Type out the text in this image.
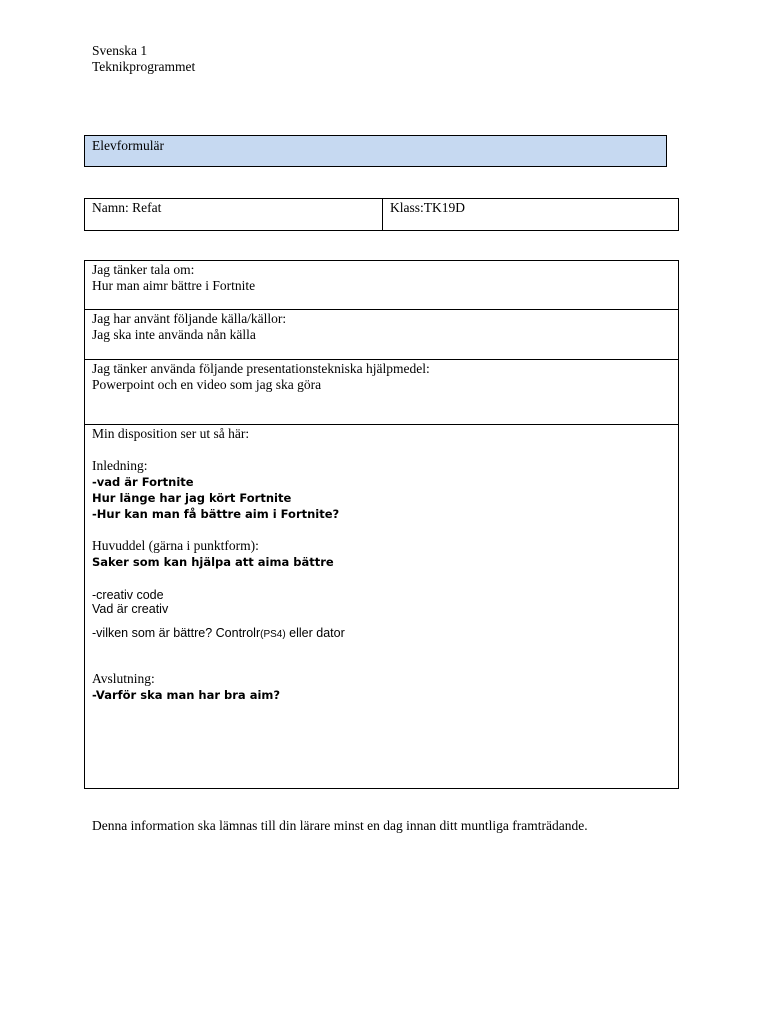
Svenska 1
Teknikprogrammet
Elevformulär
Namn: Refat	Klass:TK19D
Jag tänker tala om:
Hur man aimr bättre i Fortnite
Jag har använt följande källa/källor:
Jag ska inte använda nån källa
Jag tänker använda följande presentationstekniska hjälpmedel:
Powerpoint och en video som jag ska göra
Min disposition ser ut så här:
Inledning:
-vad är Fortnite
Hur länge har jag kört Fortnite
-Hur kan man få bättre aim i Fortnite?
Huvuddel (gärna i punktform):
Saker som kan hjälpa att aima bättre
-creativ code
Vad är creativ
-vilken som är bättre? Controlr(PS4) eller dator
Avslutning:
-Varför ska man har bra aim?
Denna information ska lämnas till din lärare minst en dag innan ditt muntliga framträdande.
